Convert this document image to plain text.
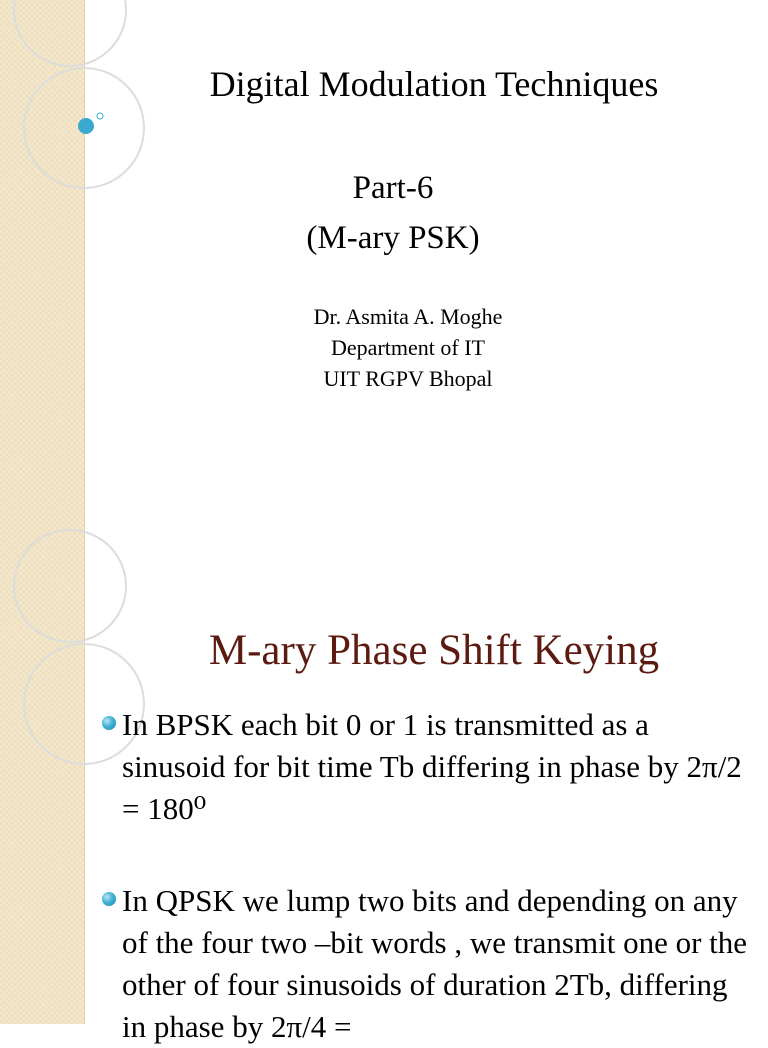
Digital Modulation Techniques
Part-6
(M-ary PSK)
Dr. Asmita A. Moghe
Department of IT
UIT RGPV Bhopal
M-ary Phase Shift Keying
In BPSK each bit 0 or 1 is transmitted as a sinusoid for bit time Tb differing in phase by 2π/2 = 180⁰
In QPSK we lump two bits and depending on any of the four two –bit words , we transmit one or the other of four sinusoids of duration 2Tb, differing in phase by 2π/4 =
